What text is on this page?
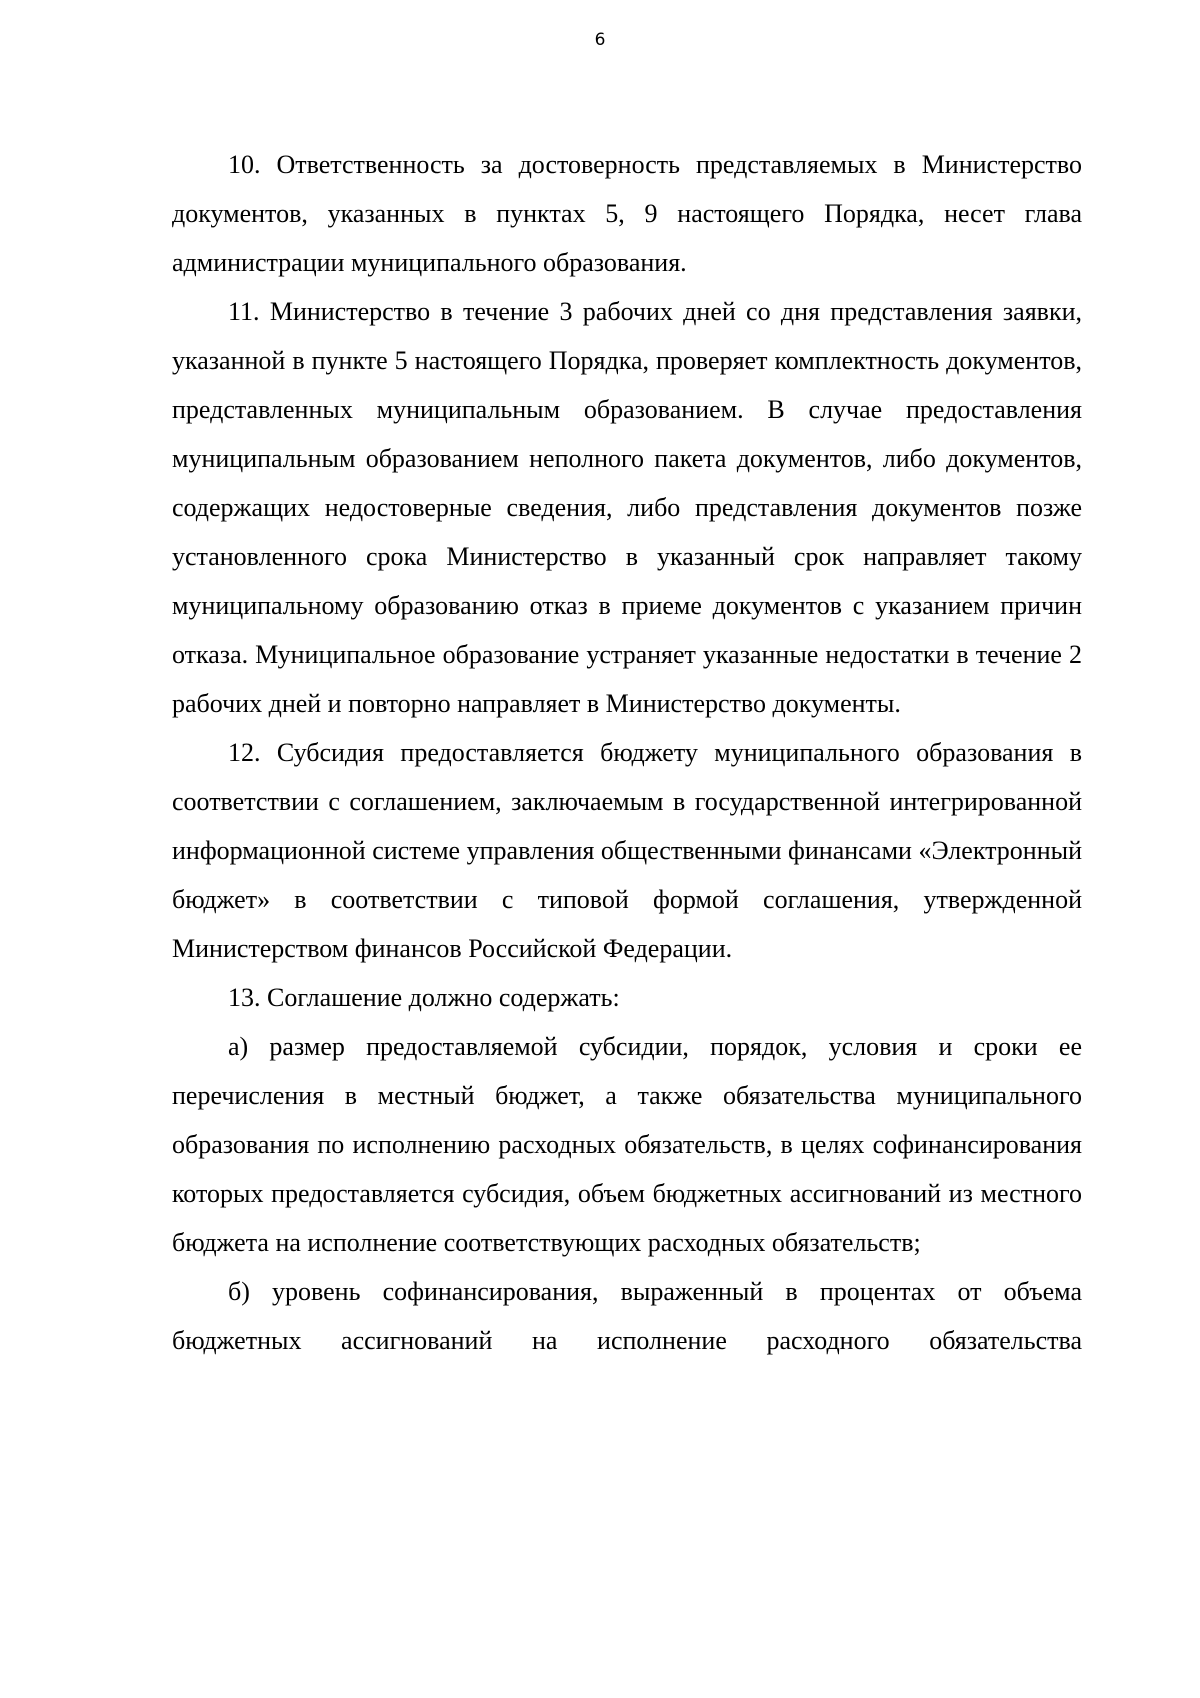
6

10. Ответственность за достоверность представляемых в Министерство документов, указанных в пунктах 5, 9 настоящего Порядка, несет глава администрации муниципального образования.

11. Министерство в течение 3 рабочих дней со дня представления заявки, указанной в пункте 5 настоящего Порядка, проверяет комплектность документов, представленных муниципальным образованием. В случае предоставления муниципальным образованием неполного пакета документов, либо документов, содержащих недостоверные сведения, либо представления документов позже установленного срока Министерство в указанный срок направляет такому муниципальному образованию отказ в приеме документов с указанием причин отказа. Муниципальное образование устраняет указанные недостатки в течение 2 рабочих дней и повторно направляет в Министерство документы.

12. Субсидия предоставляется бюджету муниципального образования в соответствии с соглашением, заключаемым в государственной интегрированной информационной системе управления общественными финансами «Электронный бюджет» в соответствии с типовой формой соглашения, утвержденной Министерством финансов Российской Федерации.

13. Соглашение должно содержать:

а) размер предоставляемой субсидии, порядок, условия и сроки ее перечисления в местный бюджет, а также обязательства муниципального образования по исполнению расходных обязательств, в целях софинансирования которых предоставляется субсидия, объем бюджетных ассигнований из местного бюджета на исполнение соответствующих расходных обязательств;

б) уровень софинансирования, выраженный в процентах от объема бюджетных ассигнований на исполнение расходного обязательства
